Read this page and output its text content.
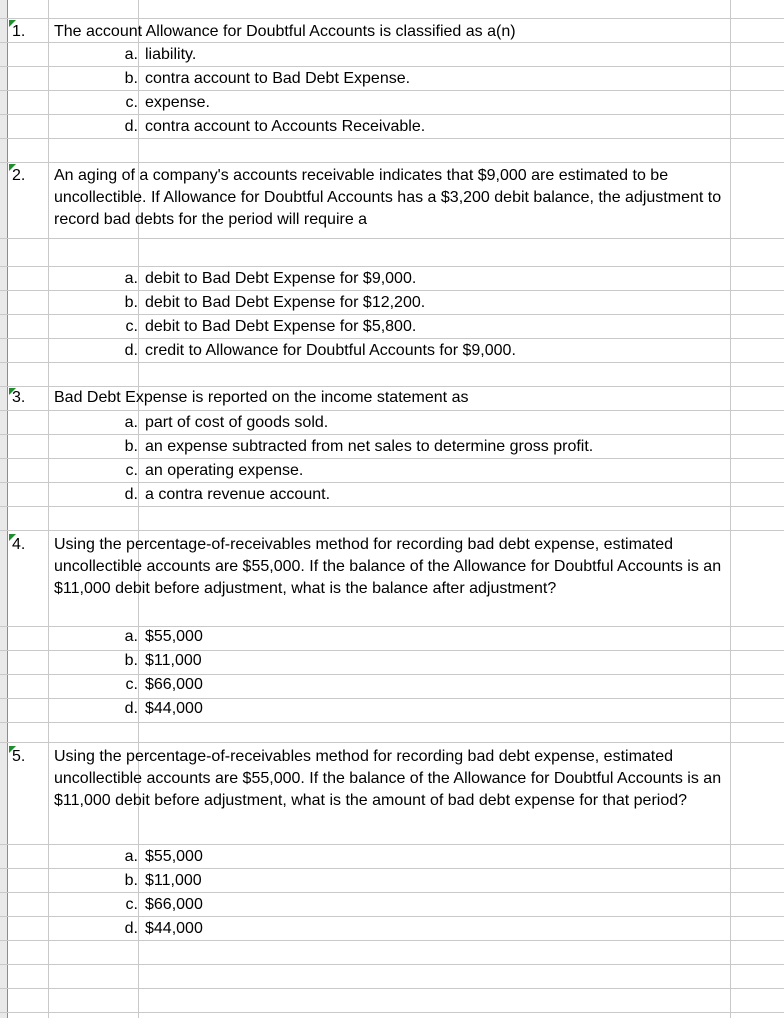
1. The account Allowance for Doubtful Accounts is classified as a(n)
a. liability.
b. contra account to Bad Debt Expense.
c. expense.
d. contra account to Accounts Receivable.
2. An aging of a company's accounts receivable indicates that $9,000 are estimated to be uncollectible. If Allowance for Doubtful Accounts has a $3,200 debit balance, the adjustment to record bad debts for the period will require a
a. debit to Bad Debt Expense for $9,000.
b. debit to Bad Debt Expense for $12,200.
c. debit to Bad Debt Expense for $5,800.
d. credit to Allowance for Doubtful Accounts for $9,000.
3. Bad Debt Expense is reported on the income statement as
a. part of cost of goods sold.
b. an expense subtracted from net sales to determine gross profit.
c. an operating expense.
d. a contra revenue account.
4. Using the percentage-of-receivables method for recording bad debt expense, estimated uncollectible accounts are $55,000. If the balance of the Allowance for Doubtful Accounts is an $11,000 debit before adjustment, what is the balance after adjustment?
a. $55,000
b. $11,000
c. $66,000
d. $44,000
5. Using the percentage-of-receivables method for recording bad debt expense, estimated uncollectible accounts are $55,000. If the balance of the Allowance for Doubtful Accounts is an $11,000 debit before adjustment, what is the amount of bad debt expense for that period?
a. $55,000
b. $11,000
c. $66,000
d. $44,000
